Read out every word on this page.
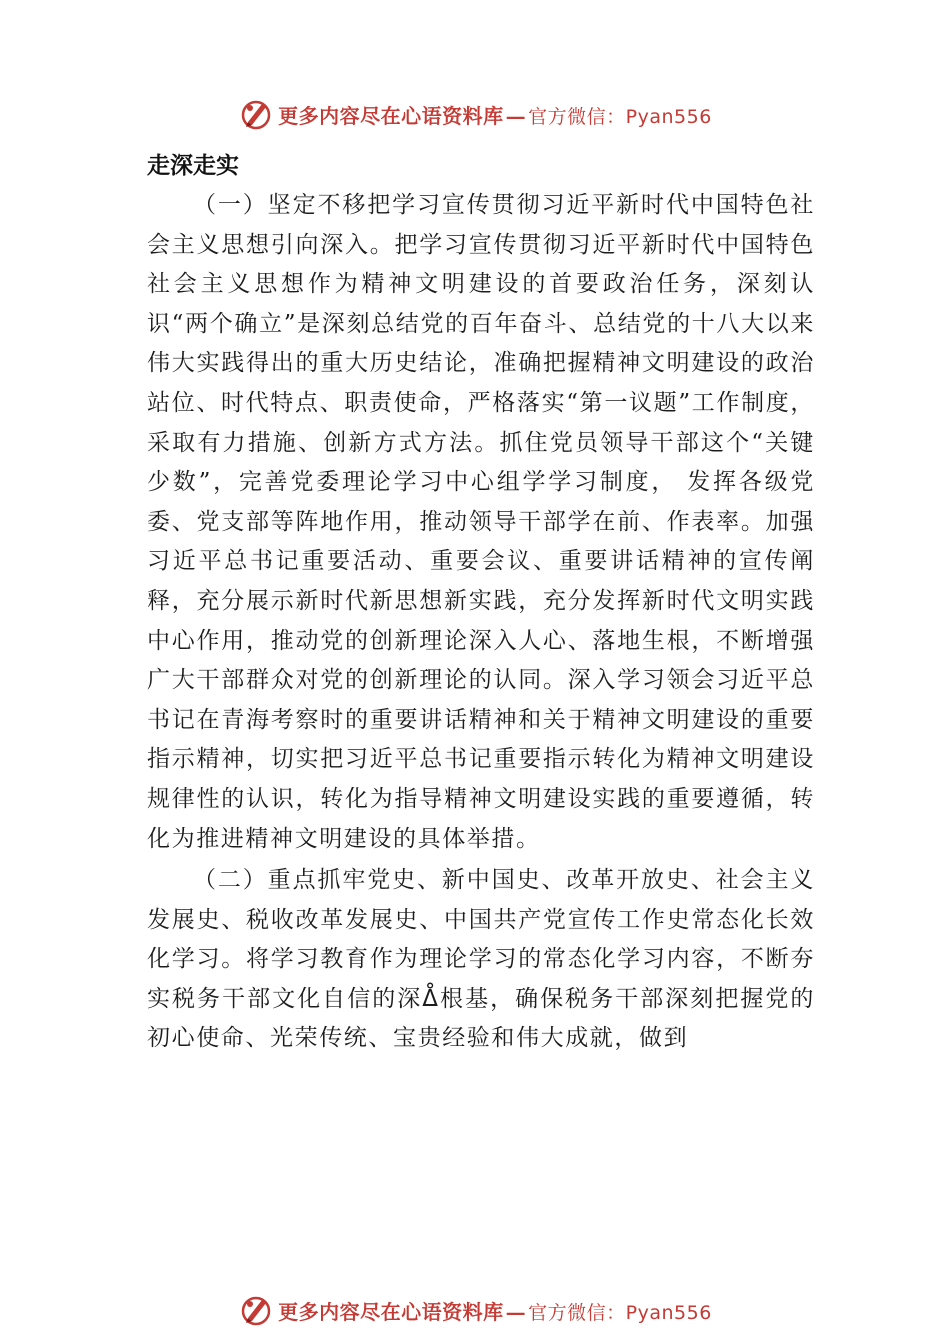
更多内容尽在心语资料库 — 官方微信：Pyan556

走深走实

（一）坚定不移把学习宣传贯彻习近平新时代中国特色社会主义思想引向深入。把学习宣传贯彻习近平新时代中国特色社会主义思想作为精神文明建设的首要政治任务，深刻认识“两个确立”是深刻总结党的百年奋斗、总结党的十八大以来伟大实践得出的重大历史结论，准确把握精神文明建设的政治站位、时代特点、职责使命，严格落实“第一议题”工作制度，采取有力措施、创新方式方法。抓住党员领导干部这个“关键少数”，完善党委理论学习中心组学学习制度， 发挥各级党委、党支部等阵地作用，推动领导干部学在前、作表率。加强习近平总书记重要活动、重要会议、重要讲话精神的宣传阐释，充分展示新时代新思想新实践，充分发挥新时代文明实践中心作用，推动党的创新理论深入人心、落地生根，不断增强广大干部群众对党的创新理论的认同。深入学习领会习近平总书记在青海考察时的重要讲话精神和关于精神文明建设的重要指示精神，切实把习近平总书记重要指示转化为精神文明建设规律性的认识，转化为指导精神文明建设实践的重要遵循，转化为推进精神文明建设的具体举措。

（二）重点抓牢党史、新中国史、改革开放史、社会主义发展史、税收改革发展史、中国共产党宣传工作史常态化长效化学习。将学习教育作为理论学习的常态化学习内容，不断夯实税务干部文化自信的深ᐂ根基，确保税务干部深刻把握党的初心使命、光荣传统、宝贵经验和伟大成就，做到

更多内容尽在心语资料库 — 官方微信：Pyan556
